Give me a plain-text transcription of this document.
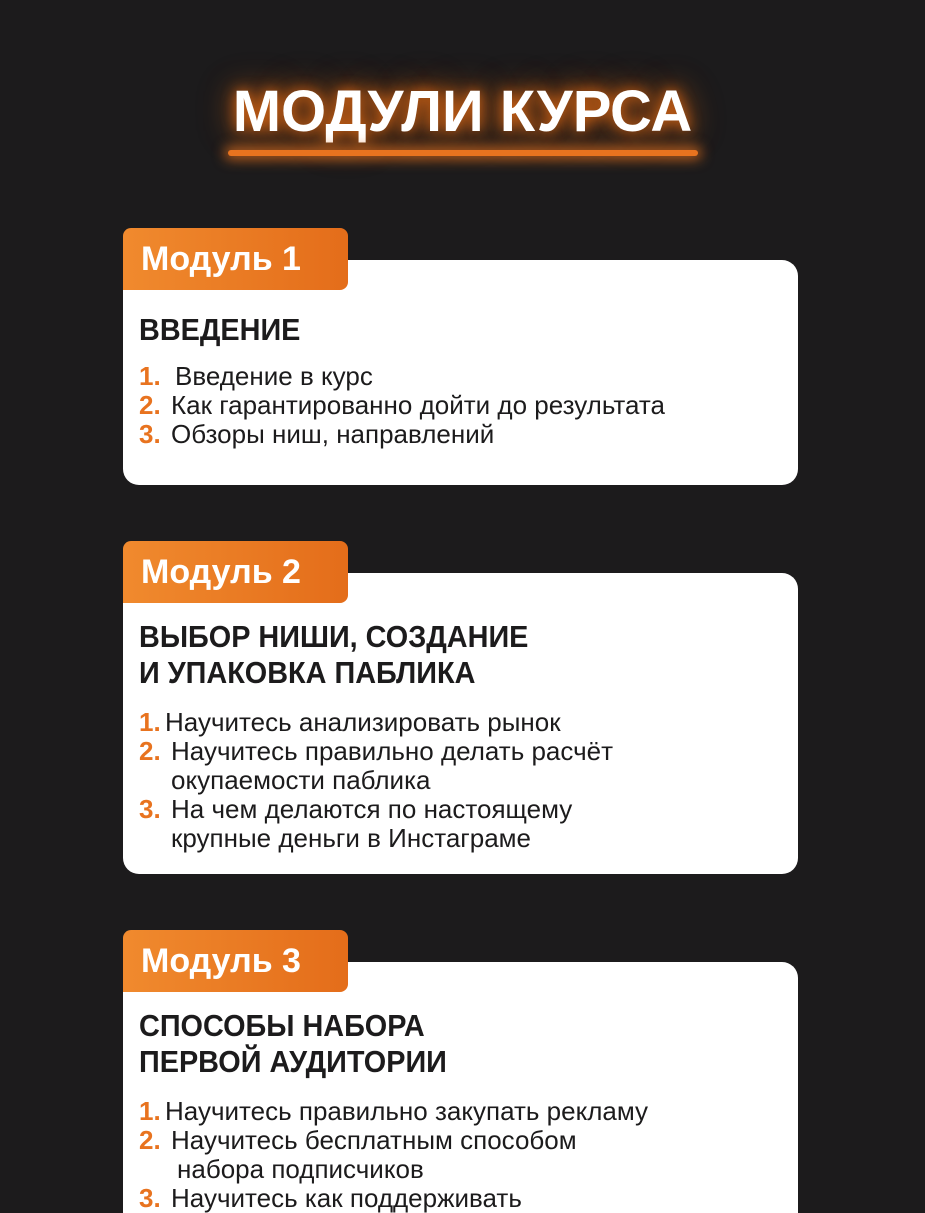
МОДУЛИ КУРСА
Модуль 1
ВВЕДЕНИЕ
1. Введение в курс
2. Как гарантированно дойти до результата
3. Обзоры ниш, направлений
Модуль 2
ВЫБОР НИШИ, СОЗДАНИЕ
И УПАКОВКА ПАБЛИКА
1. Научитесь анализировать рынок
2. Научитесь правильно делать расчёт
окупаемости паблика
3. На чем делаются по настоящему
крупные деньги в Инстаграме
Модуль 3
СПОСОБЫ НАБОРА
ПЕРВОЙ АУДИТОРИИ
1. Научитесь правильно закупать рекламу
2. Научитесь бесплатным способом
набора подписчиков
3. Научитесь как поддерживать
